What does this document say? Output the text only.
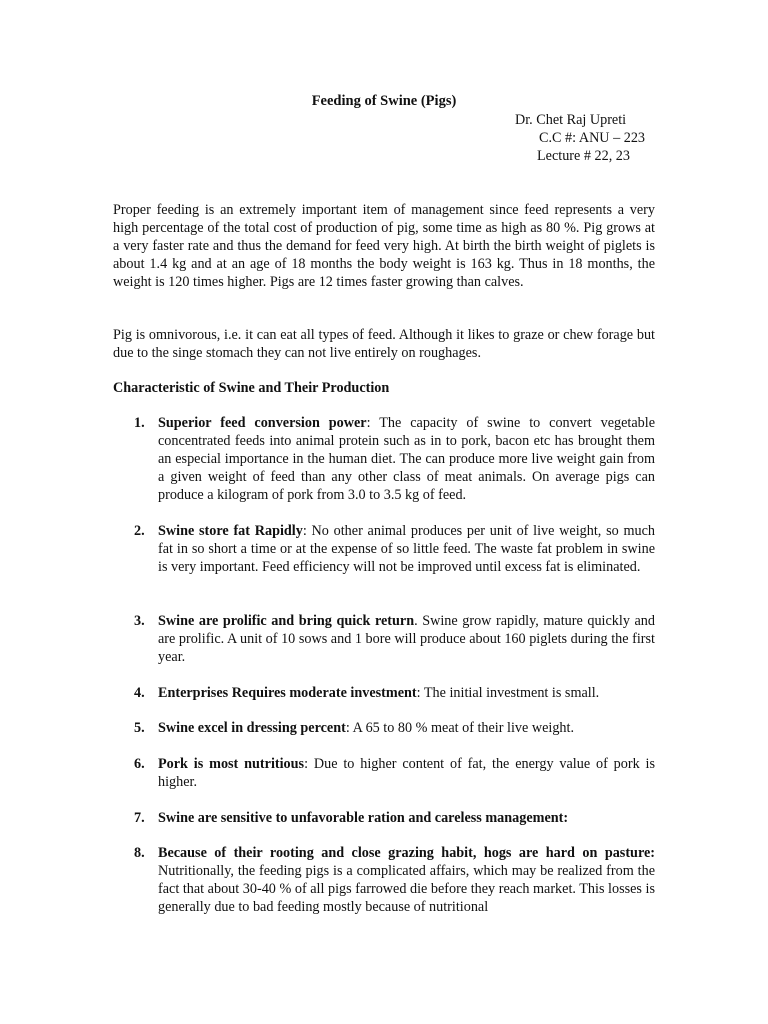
Feeding of Swine (Pigs)
Dr. Chet Raj Upreti
C.C #: ANU – 223
Lecture # 22, 23

Proper feeding is an extremely important item of management since feed represents a very high percentage of the total cost of production of pig, some time as high as 80 %. Pig grows at a very faster rate and thus the demand for feed very high. At birth the birth weight of piglets is about 1.4 kg and at an age of 18 months the body weight is 163 kg. Thus in 18 months, the weight is 120 times higher. Pigs are 12 times faster growing than calves.

Pig is omnivorous, i.e. it can eat all types of feed. Although it likes to graze or chew forage but due to the singe stomach they can not live entirely on roughages.

Characteristic of Swine and Their Production
1. Superior feed conversion power: The capacity of swine to convert vegetable concentrated feeds into animal protein such as in to pork, bacon etc has brought them an especial importance in the human diet. The can produce more live weight gain from a given weight of feed than any other class of meat animals. On average pigs can produce a kilogram of pork from 3.0 to 3.5 kg of feed.
2. Swine store fat Rapidly: No other animal produces per unit of live weight, so much fat in so short a time or at the expense of so little feed. The waste fat problem in swine is very important. Feed efficiency will not be improved until excess fat is eliminated.
3. Swine are prolific and bring quick return. Swine grow rapidly, mature quickly and are prolific. A unit of 10 sows and 1 bore will produce about 160 piglets during the first year.
4. Enterprises Requires moderate investment: The initial investment is small.
5. Swine excel in dressing percent: A 65 to 80 % meat of their live weight.
6. Pork is most nutritious: Due to higher content of fat, the energy value of pork is higher.
7. Swine are sensitive to unfavorable ration and careless management:
8. Because of their rooting and close grazing habit, hogs are hard on pasture: Nutritionally, the feeding pigs is a complicated affairs, which may be realized from the fact that about 30-40 % of all pigs farrowed die before they reach market. This losses is generally due to bad feeding mostly because of nutritional
